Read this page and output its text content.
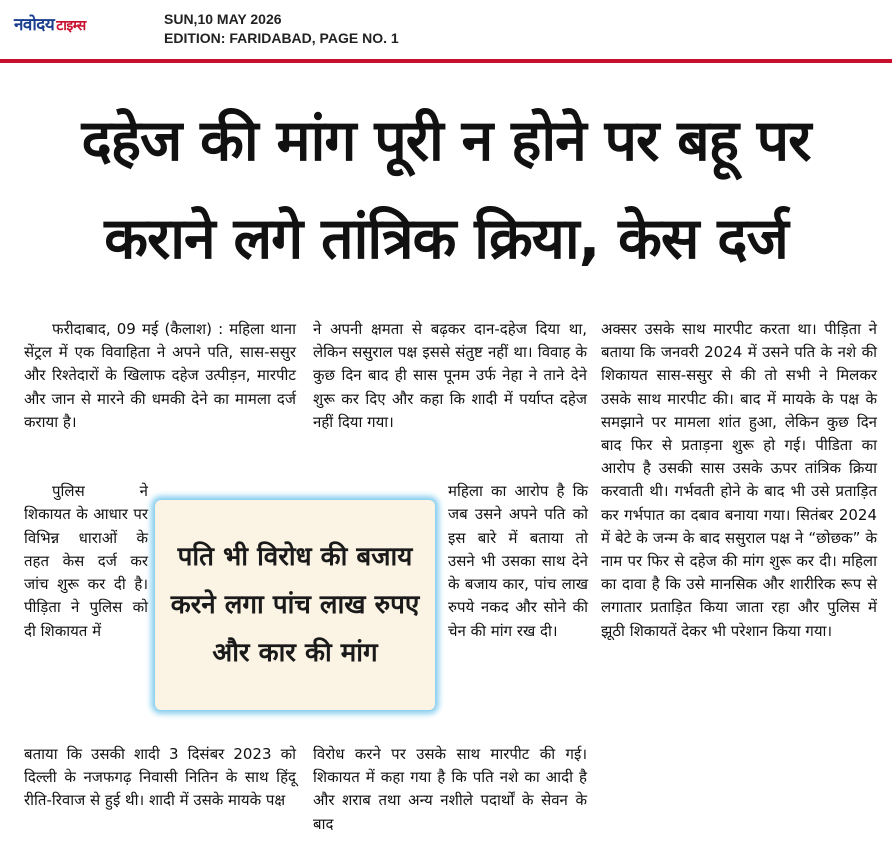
नवोदय टाइम्स	SUN,10 MAY 2026
EDITION: FARIDABAD, PAGE NO. 1
दहेज की मांग पूरी न होने पर बहू पर
कराने लगे तांत्रिक क्रिया, केस दर्ज

फरीदाबाद, 09 मई (कैलाश) : महिला थाना सेंट्रल में एक विवाहिता ने अपने पति, सास-ससुर और रिश्तेदारों के खिलाफ दहेज उत्पीड़न, मारपीट और जान से मारने की धमकी देने का मामला दर्ज कराया है।

पुलिस ने शिकायत के आधार पर विभिन्न धाराओं के तहत केस दर्ज कर जांच शुरू कर दी है।पीड़िता ने पुलिस को दी शिकायत में

बताया कि उसकी शादी 3 दिसंबर 2023 को दिल्ली के नजफगढ़ निवासी नितिन के साथ हिंदू रीति-रिवाज से हुई थी। शादी में उसके मायके पक्ष

ने अपनी क्षमता से बढ़कर दान-दहेज दिया था, लेकिन ससुराल पक्ष इससे संतुष्ट नहीं था। विवाह के कुछ दिन बाद ही सास पूनम उर्फ नेहा ने ताने देने शुरू कर दिए और कहा कि शादी में पर्याप्त दहेज नहीं दिया गया।

महिला का आरोप है कि जब उसने अपने पति को इस बारे में बताया तो उसने भी उसका साथ देने के बजाय कार, पांच लाख रुपये नकद और सोने की चेन की मांग रख दी।

विरोध करने पर उसके साथ मारपीट की गई। शिकायत में कहा गया है कि पति नशे का आदी है और शराब तथा अन्य नशीले पदार्थों के सेवन के बाद

अक्सर उसके साथ मारपीट करता था। पीड़िता ने बताया कि जनवरी 2024 में उसने पति के नशे की शिकायत सास-ससुर से की तो सभी ने मिलकर उसके साथ मारपीट की। बाद में मायके के पक्ष के समझाने पर मामला शांत हुआ, लेकिन कुछ दिन बाद फिर से प्रताड़ना शुरू हो गई। पीडिता का आरोप है उसकी सास उसके ऊपर तांत्रिक क्रिया करवाती थी। गर्भवती होने के बाद भी उसे प्रताड़ित कर गर्भपात का दबाव बनाया गया। सितंबर 2024 में बेटे के जन्म के बाद ससुराल पक्ष ने “छोछक” के नाम पर फिर से दहेज की मांग शुरू कर दी। महिला का दावा है कि उसे मानसिक और शारीरिक रूप से लगातार प्रताड़ित किया जाता रहा और पुलिस में झूठी शिकायतें देकर भी परेशान किया गया।

पति भी विरोध की बजाय करने लगा पांच लाख रुपए और कार की मांग
